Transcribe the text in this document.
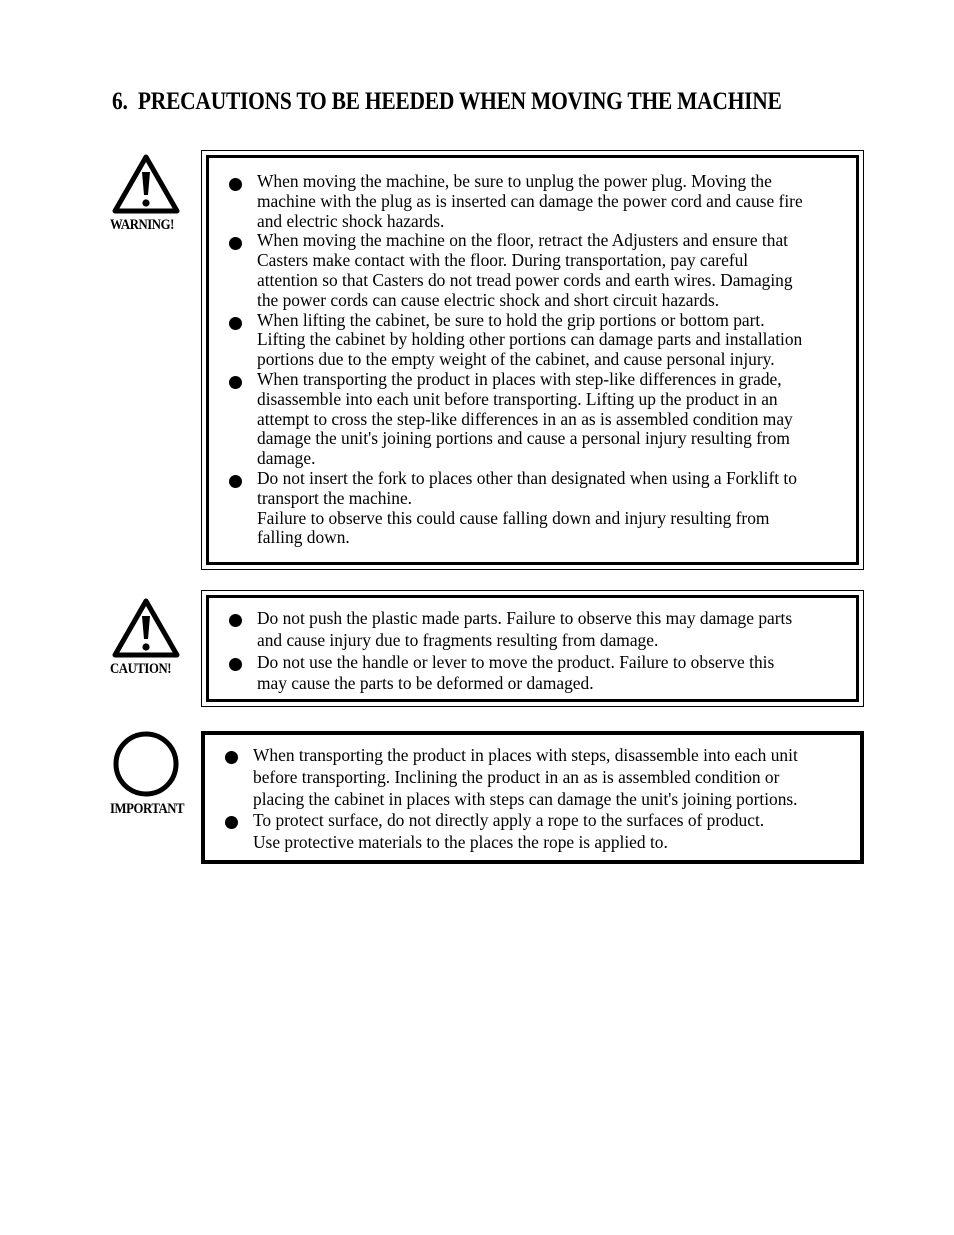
6. PRECAUTIONS TO BE HEEDED WHEN MOVING THE MACHINE
WARNING!
When moving the machine, be sure to unplug the power plug. Moving the
machine with the plug as is inserted can damage the power cord and cause fire
and electric shock hazards.
When moving the machine on the floor, retract the Adjusters and ensure that
Casters make contact with the floor. During transportation, pay careful
attention so that Casters do not tread power cords and earth wires. Damaging
the power cords can cause electric shock and short circuit hazards.
When lifting the cabinet, be sure to hold the grip portions or bottom part.
Lifting the cabinet by holding other portions can damage parts and installation
portions due to the empty weight of the cabinet, and cause personal injury.
When transporting the product in places with step-like differences in grade,
disassemble into each unit before transporting. Lifting up the product in an
attempt to cross the step-like differences in an as is assembled condition may
damage the unit's joining portions and cause a personal injury resulting from
damage.
Do not insert the fork to places other than designated when using a Forklift to
transport the machine.
Failure to observe this could cause falling down and injury resulting from
falling down.
CAUTION!
Do not push the plastic made parts. Failure to observe this may damage parts
and cause injury due to fragments resulting from damage.
Do not use the handle or lever to move the product. Failure to observe this
may cause the parts to be deformed or damaged.
IMPORTANT
When transporting the product in places with steps, disassemble into each unit
before transporting. Inclining the product in an as is assembled condition or
placing the cabinet in places with steps can damage the unit's joining portions.
To protect surface, do not directly apply a rope to the surfaces of product.
Use protective materials to the places the rope is applied to.
